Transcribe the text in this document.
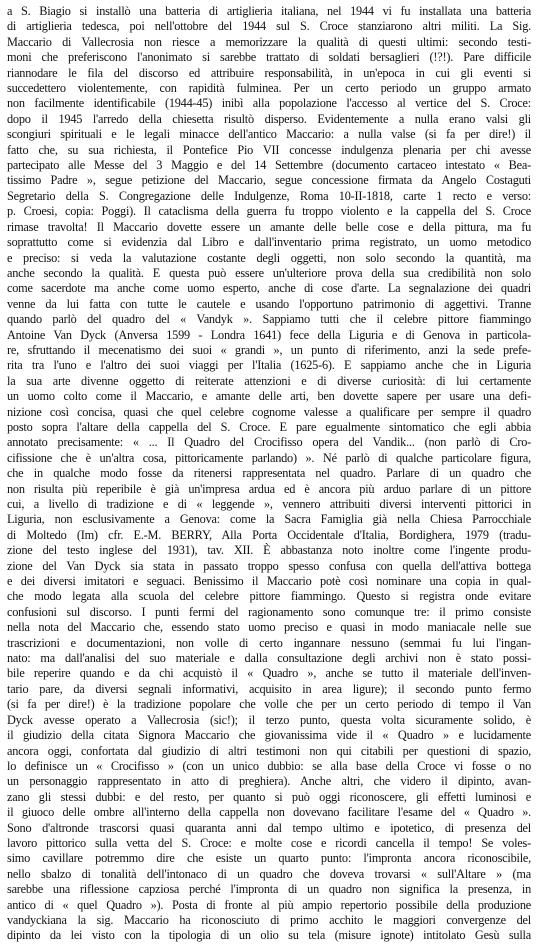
a S. Biagio si installò una batteria di artiglieria italiana, nel 1944 vi fu installata una batteria
di artiglieria tedesca, poi nell'ottobre del 1944 sul S. Croce stanziarono altri militi. La Sig.
Maccario di Vallecrosia non riesce a memorizzare la qualità di questi ultimi: secondo testi-
moni che preferiscono l'anonimato si sarebbe trattato di soldati bersaglieri (!?!). Pare difficile
riannodare le fila del discorso ed attribuire responsabilità, in un'epoca in cui gli eventi si
succedettero violentemente, con rapidità fulminea. Per un certo periodo un gruppo armato
non facilmente identificabile (1944-45) inibì alla popolazione l'accesso al vertice del S. Croce:
dopo il 1945 l'arredo della chiesetta risultò disperso. Evidentemente a nulla erano valsi gli
scongiuri spirituali e le legali minacce dell'antico Maccario: a nulla valse (si fa per dire!) il
fatto che, su sua richiesta, il Pontefice Pio VII concesse indulgenza plenaria per chi avesse
partecipato alle Messe del 3 Maggio e del 14 Settembre (documento cartaceo intestato « Bea-
tissimo Padre », segue petizione del Maccario, segue concessione firmata da Angelo Costaguti
Segretario della S. Congregazione delle Indulgenze, Roma 10-II-1818, carte 1 recto e verso:
p. Croesi, copia: Poggi). Il cataclisma della guerra fu troppo violento e la cappella del S. Croce
rimase travolta! Il Maccario dovette essere un amante delle belle cose e della pittura, ma fu
soprattutto come si evidenzia dal Libro e dall'inventario prima registrato, un uomo metodico
e preciso: si veda la valutazione costante degli oggetti, non solo secondo la quantità, ma
anche secondo la qualità. E questa può essere un'ulteriore prova della sua credibilità non solo
come sacerdote ma anche come uomo esperto, anche di cose d'arte. La segnalazione dei quadri
venne da lui fatta con tutte le cautele e usando l'opportuno patrimonio di aggettivi. Tranne
quando parlò del quadro del « Vandyk ». Sappiamo tutti che il celebre pittore fiammingo
Antoine Van Dyck (Anversa 1599 - Londra 1641) fece della Liguria e di Genova in particola-
re, sfruttando il mecenatismo dei suoi « grandi », un punto di riferimento, anzi la sede prefe-
rita tra l'uno e l'altro dei suoi viaggi per l'Italia (1625-6). E sappiamo anche che in Liguria
la sua arte divenne oggetto di reiterate attenzioni e di diverse curiosità: di lui certamente
un uomo colto come il Maccario, e amante delle arti, ben dovette sapere per usare una defi-
nizione così concisa, quasi che quel celebre cognome valesse a qualificare per sempre il quadro
posto sopra l'altare della cappella del S. Croce. E pare egualmente sintomatico che egli abbia
annotato precisamente: « ... Il Quadro del Crocifisso opera del Vandik... (non parlò di Cro-
cifissione che è un'altra cosa, pittoricamente parlando) ». Né parlò di qualche particolare figura,
che in qualche modo fosse da ritenersi rappresentata nel quadro. Parlare di un quadro che
non risulta più reperibile è già un'impresa ardua ed è ancora più arduo parlare di un pittore
cui, a livello di tradizione e di « leggende », vennero attribuiti diversi interventi pittorici in
Liguria, non esclusivamente a Genova: come la Sacra Famiglia già nella Chiesa Parrocchiale
di Moltedo (Im) cfr. E.-M. BERRY, Alla Porta Occidentale d'Italia, Bordighera, 1979 (tradu-
zione del testo inglese del 1931), tav. XII. È abbastanza noto inoltre come l'ingente produ-
zione del Van Dyck sia stata in passato troppo spesso confusa con quella dell'attiva bottega
e dei diversi imitatori e seguaci. Benissimo il Maccario potè così nominare una copia in qual-
che modo legata alla scuola del celebre pittore fiammingo. Questo si registra onde evitare
confusioni sul discorso. I punti fermi del ragionamento sono comunque tre: il primo consiste
nella nota del Maccario che, essendo stato uomo preciso e quasi in modo maniacale nelle sue
trascrizioni e documentazioni, non volle di certo ingannare nessuno (semmai fu lui l'ingan-
nato: ma dall'analisi del suo materiale e dalla consultazione degli archivi non è stato possi-
bile reperire quando e da chi acquistò il « Quadro », anche se tutto il materiale dell'inven-
tario pare, da diversi segnali informativi, acquisito in area ligure); il secondo punto fermo
(si fa per dire!) è la tradizione popolare che volle che per un certo periodo di tempo il Van
Dyck avesse operato a Vallecrosia (sic!); il terzo punto, questa volta sicuramente solido, è
il giudizio della citata Signora Maccario che giovanissima vide il « Quadro » e lucidamente
ancora oggi, confortata dal giudizio di altri testimoni non qui citabili per questioni di spazio,
lo definisce un « Crocifisso » (con un unico dubbio: se alla base della Croce vi fosse o no
un personaggio rappresentato in atto di preghiera). Anche altri, che videro il dipinto, avan-
zano gli stessi dubbi: e del resto, per quanto si può oggi riconoscere, gli effetti luminosi e
il giuoco delle ombre all'interno della cappella non dovevano facilitare l'esame del « Quadro ».
Sono d'altronde trascorsi quasi quaranta anni dal tempo ultimo e ipotetico, di presenza del
lavoro pittorico sulla vetta del S. Croce: e molte cose e ricordi cancella il tempo! Se voles-
simo cavillare potremmo dire che esiste un quarto punto: l'impronta ancora riconoscibile,
nello sbalzo di tonalità dell'intonaco di un quadro che doveva trovarsi « sull'Altare » (ma
sarebbe una riflessione capziosa perché l'impronta di un quadro non significa la presenza, in
antico di « quel Quadro »). Posta di fronte al più ampio repertorio possibile della produzione
vandyckiana la sig. Maccario ha riconosciuto di primo acchito le maggiori convergenze del
dipinto da lei visto con la tipologia di un olio su tela (misure ignote) intitolato Gesù sulla
